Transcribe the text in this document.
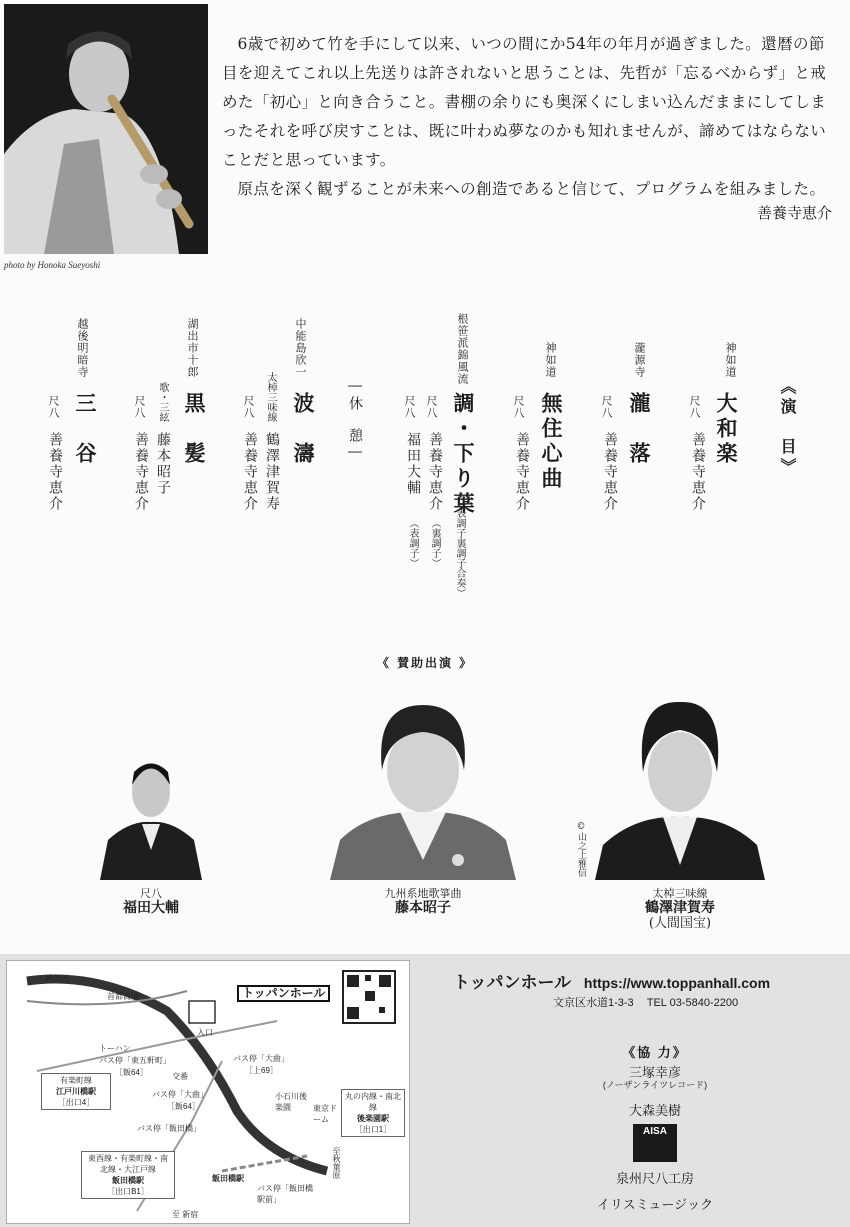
photo by Honoka Sueyoshi

6歳で初めて竹を手にして以来、いつの間にか54年の年月が過ぎました。還暦の節目を迎えてこれ以上先送りは許されないと思うことは、先哲が「忘るべからず」と戒めた「初心」と向き合うこと。書棚の余りにも奥深くにしまい込んだままにしてしまったそれを呼び戻すことは、既に叶わぬ夢なのかも知れませんが、諦めてはならないことだと思っています。

原点を深く観ずることが未来への創造であると信じて、プログラムを組みました。

善養寺恵介
《演　目》
神如道
大和楽
尺八
善養寺恵介
瀧源寺
瀧　落
尺八
善養寺恵介
神如道
無住心曲
尺八
善養寺恵介
根笹派錦風流
調・下り葉
（表調子裏調子合奏）
尺八
善養寺恵介
（裏調子）
尺八
福田大輔
（表調子）
―休　憩―
中能島欣一
波　濤
太棹三味線
鶴澤津賀寿
尺八
善養寺恵介
湖出市十郎
黒　髪
歌・三絃
藤本昭子
尺八
善養寺恵介
越後明暗寺
三　谷
尺八
善養寺恵介
《 賛助出演 》
©山之上雅信
尺八
福田大輔
九州系地歌箏曲
藤本昭子
太棹三味線
鶴澤津賀寿
(人間国宝)
トッパンホール
神田川
首都高速
入口
トーハン
バス停「東五軒町」
［飯64］	交番
バス停「大曲」
［上69］
バス停「大曲」
［飯64］
バス停「飯田橋」
小石川後楽園	東京ドーム
至秋葉原
飯田橋駅
バス停「飯田橋駅前」
至 新宿
有楽町線
江戸川橋駅
［出口4］
丸の内線・南北線
後楽園駅
［出口1］
東西線・有楽町線・南北線・大江戸線
飯田橋駅
［出口B1］
トッパンホール https://www.toppanhall.com
文京区水道1-3-3 TEL 03-5840-2200
《協 力》
三塚幸彦
(ノーザンライツレコード)
大森美樹
AISA
泉州尺八工房
イリスミュージック
